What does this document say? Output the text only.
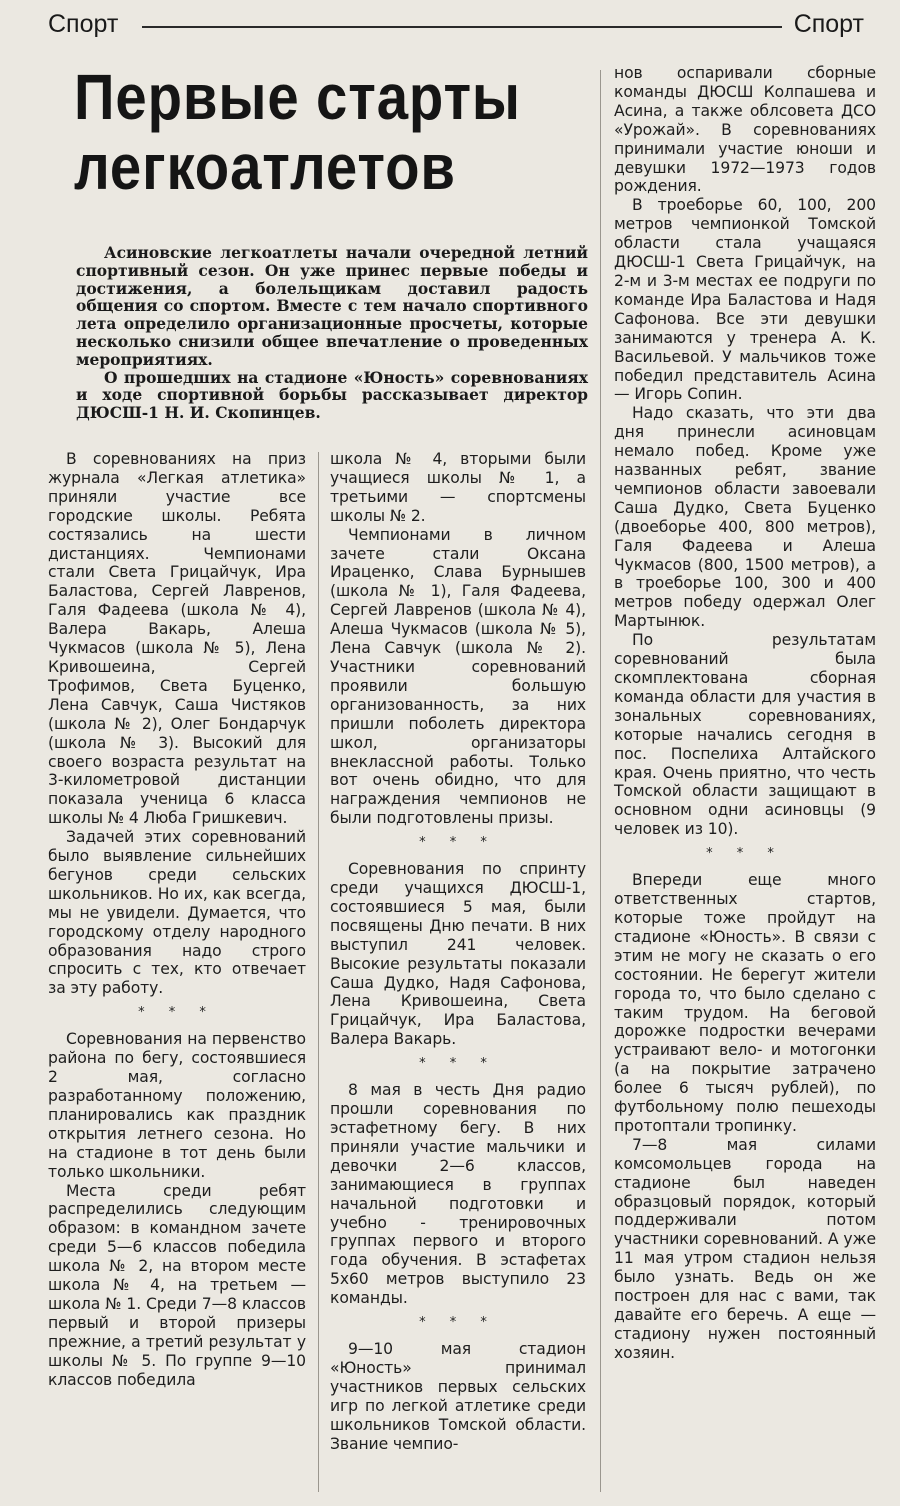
Спорт	Спорт
Первые старты
легкоатлетов

Асиновские легкоатлеты начали очередной летний спортивный сезон. Он уже принес первые победы и достижения, а болельщикам доставил радость общения со спортом. Вместе с тем начало спортивного лета определило организационные просчеты, которые несколько снизили общее впечатление о проведенных мероприятиях.

О прошедших на стадионе «Юность» соревнованиях и ходе спортивной борьбы рассказывает директор ДЮСШ-1 Н. И. Скопинцев.

В соревнованиях на приз журнала «Легкая атлетика» приняли участие все городские школы. Ребята состязались на шести дистанциях. Чемпионами стали Света Грицайчук, Ира Баластова, Сергей Лавренов, Галя Фадеева (школа № 4), Валера Вакарь, Алеша Чукмасов (школа № 5), Лена Кривошеина, Сергей Трофимов, Света Буценко, Лена Савчук, Саша Чистяков (школа № 2), Олег Бондарчук (школа № 3). Высокий для своего возраста результат на 3-километровой дистанции показала ученица 6 класса школы № 4 Люба Гришкевич.

Задачей этих соревнований было выявление сильнейших бегунов среди сельских школьников. Но их, как всегда, мы не увидели. Думается, что городскому отделу народного образования надо строго спросить с тех, кто отвечает за эту работу.

* * *

Соревнования на первенство района по бегу, состоявшиеся 2 мая, согласно разработанному положению, планировались как праздник открытия летнего сезона. Но на стадионе в тот день были только школьники.

Места среди ребят распределились следующим образом: в командном зачете среди 5—6 классов победила школа № 2, на втором месте школа № 4, на третьем — школа № 1. Среди 7—8 классов первый и второй призеры прежние, а третий результат у школы № 5. По группе 9—10 классов победила

школа № 4, вторыми были учащиеся школы № 1, а третьими — спортсмены школы № 2.

Чемпионами в личном зачете стали Оксана Ираценко, Слава Бурнышев (школа № 1), Галя Фадеева, Сергей Лавренов (школа № 4), Алеша Чукмасов (школа № 5), Лена Савчук (школа № 2). Участники соревнований проявили большую организованность, за них пришли поболеть директора школ, организаторы внеклассной работы. Только вот очень обидно, что для награждения чемпионов не были подготовлены призы.

* * *

Соревнования по спринту среди учащихся ДЮСШ-1, состоявшиеся 5 мая, были посвящены Дню печати. В них выступил 241 человек. Высокие результаты показали Саша Дудко, Надя Сафонова, Лена Кривошеина, Света Грицайчук, Ира Баластова, Валера Вакарь.

* * *

8 мая в честь Дня радио прошли соревнования по эстафетному бегу. В них приняли участие мальчики и девочки 2—6 классов, занимающиеся в группах начальной подготовки и учебно - тренировочных группах первого и второго года обучения. В эстафетах 5х60 метров выступило 23 команды.

* * *

9—10 мая стадион «Юность» принимал участников первых сельских игр по легкой атлетике среди школьников Томской области. Звание чемпио-

нов оспаривали сборные команды ДЮСШ Колпашева и Асина, а также облсовета ДСО «Урожай». В соревнованиях принимали участие юноши и девушки 1972—1973 годов рождения.

В троеборье 60, 100, 200 метров чемпионкой Томской области стала учащаяся ДЮСШ-1 Света Грицайчук, на 2-м и 3-м местах ее подруги по команде Ира Баластова и Надя Сафонова. Все эти девушки занимаются у тренера А. К. Васильевой. У мальчиков тоже победил представитель Асина — Игорь Сопин.

Надо сказать, что эти два дня принесли асиновцам немало побед. Кроме уже названных ребят, звание чемпионов области завоевали Саша Дудко, Света Буценко (двоеборье 400, 800 метров), Галя Фадеева и Алеша Чукмасов (800, 1500 метров), а в троеборье 100, 300 и 400 метров победу одержал Олег Мартынюк.

По результатам соревнований была скомплектована сборная команда области для участия в зональных соревнованиях, которые начались сегодня в пос. Поспелиха Алтайского края. Очень приятно, что честь Томской области защищают в основном одни асиновцы (9 человек из 10).

* * *

Впереди еще много ответственных стартов, которые тоже пройдут на стадионе «Юность». В связи с этим не могу не сказать о его состоянии. Не берегут жители города то, что было сделано с таким трудом. На беговой дорожке подростки вечерами устраивают вело- и мотогонки (а на покрытие затрачено более 6 тысяч рублей), по футбольному полю пешеходы протоптали тропинку.

7—8 мая силами комсомольцев города на стадионе был наведен образцовый порядок, который поддерживали потом участники соревнований. А уже 11 мая утром стадион нельзя было узнать. Ведь он же построен для нас с вами, так давайте его беречь. А еще — стадиону нужен постоянный хозяин.
